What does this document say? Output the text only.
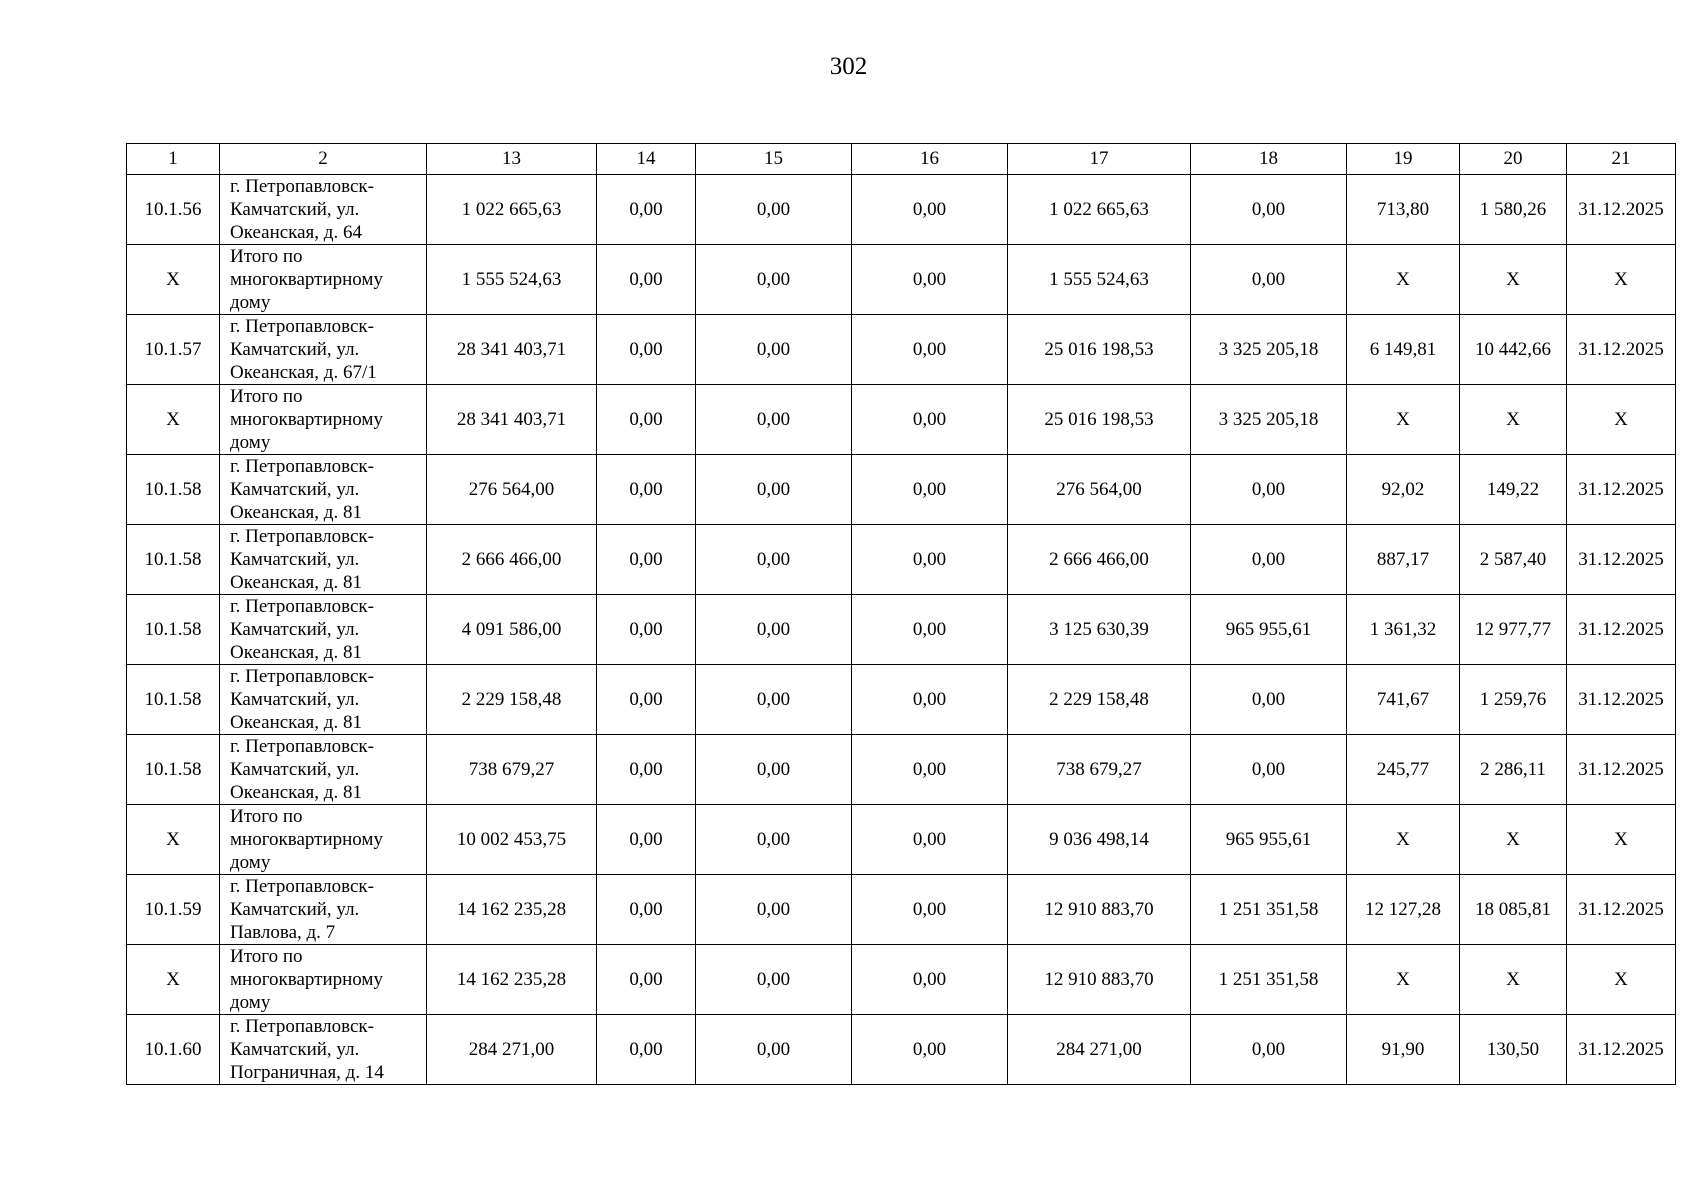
302
1	2	13	14	15	16	17	18	19	20	21
10.1.56	г. Петропавловск-
Камчатский, ул.
Океанская, д. 64	1 022 665,63	0,00	0,00	0,00	1 022 665,63	0,00	713,80	1 580,26	31.12.2025
X	Итого по
многоквартирному
дому	1 555 524,63	0,00	0,00	0,00	1 555 524,63	0,00	X	X	X
10.1.57	г. Петропавловск-
Камчатский, ул.
Океанская, д. 67/1	28 341 403,71	0,00	0,00	0,00	25 016 198,53	3 325 205,18	6 149,81	10 442,66	31.12.2025
X	Итого по
многоквартирному
дому	28 341 403,71	0,00	0,00	0,00	25 016 198,53	3 325 205,18	X	X	X
10.1.58	г. Петропавловск-
Камчатский, ул.
Океанская, д. 81	276 564,00	0,00	0,00	0,00	276 564,00	0,00	92,02	149,22	31.12.2025
10.1.58	г. Петропавловск-
Камчатский, ул.
Океанская, д. 81	2 666 466,00	0,00	0,00	0,00	2 666 466,00	0,00	887,17	2 587,40	31.12.2025
10.1.58	г. Петропавловск-
Камчатский, ул.
Океанская, д. 81	4 091 586,00	0,00	0,00	0,00	3 125 630,39	965 955,61	1 361,32	12 977,77	31.12.2025
10.1.58	г. Петропавловск-
Камчатский, ул.
Океанская, д. 81	2 229 158,48	0,00	0,00	0,00	2 229 158,48	0,00	741,67	1 259,76	31.12.2025
10.1.58	г. Петропавловск-
Камчатский, ул.
Океанская, д. 81	738 679,27	0,00	0,00	0,00	738 679,27	0,00	245,77	2 286,11	31.12.2025
X	Итого по
многоквартирному
дому	10 002 453,75	0,00	0,00	0,00	9 036 498,14	965 955,61	X	X	X
10.1.59	г. Петропавловск-
Камчатский, ул.
Павлова, д. 7	14 162 235,28	0,00	0,00	0,00	12 910 883,70	1 251 351,58	12 127,28	18 085,81	31.12.2025
X	Итого по
многоквартирному
дому	14 162 235,28	0,00	0,00	0,00	12 910 883,70	1 251 351,58	X	X	X
10.1.60	г. Петропавловск-
Камчатский, ул.
Пограничная, д. 14	284 271,00	0,00	0,00	0,00	284 271,00	0,00	91,90	130,50	31.12.2025
